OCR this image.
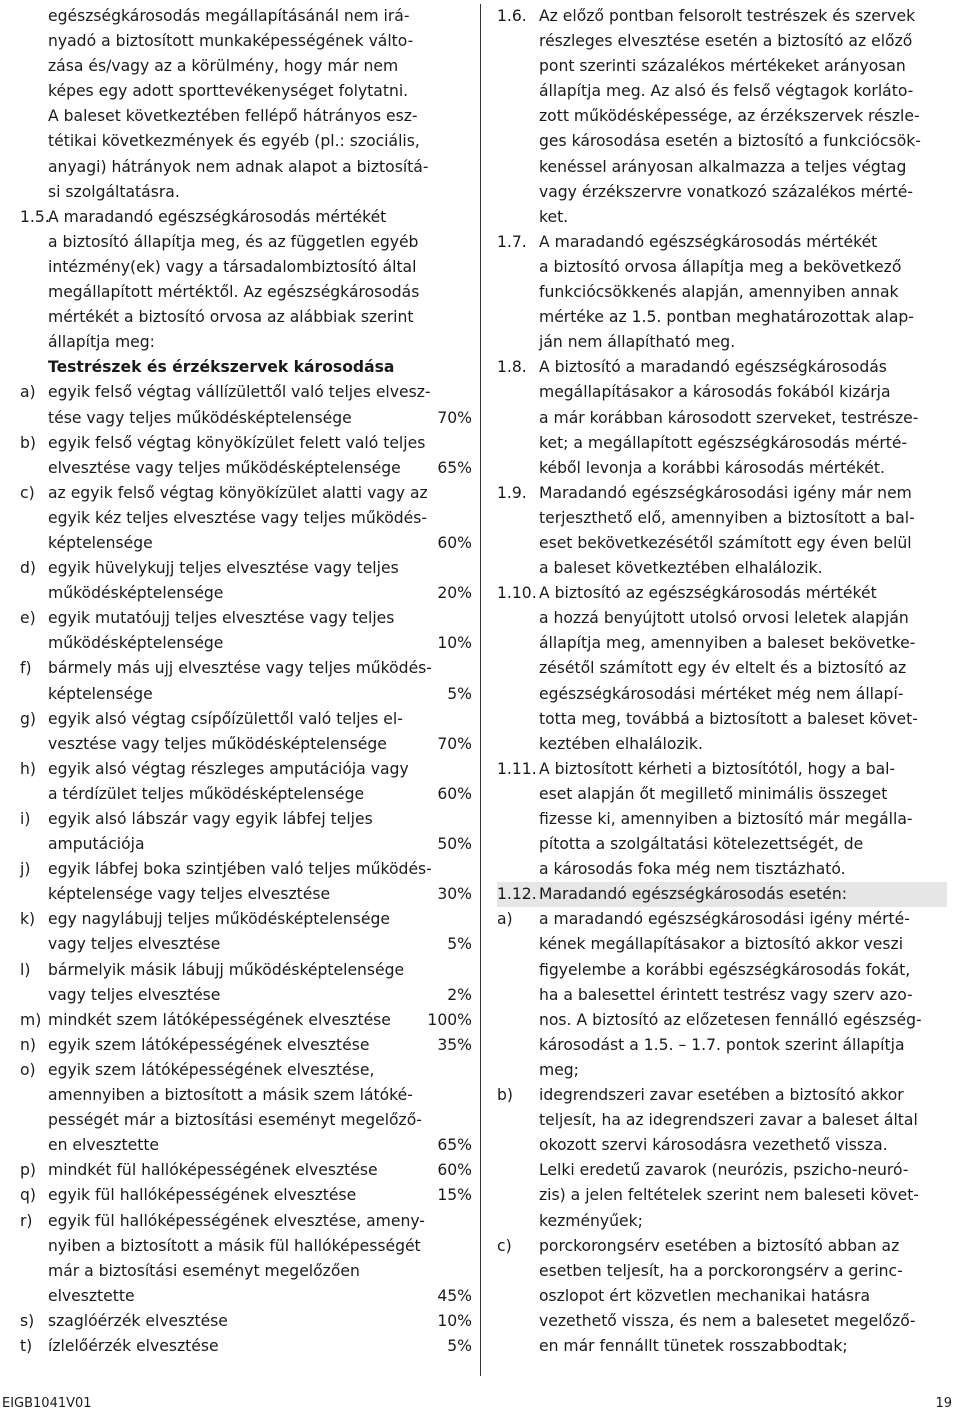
egészségkárosodás megállapításánál nem irá-
nyadó a biztosított munkaképességének válto-
zása és/vagy az a körülmény, hogy már nem
képes egy adott sporttevékenységet folytatni.
A baleset következtében fellépő hátrányos esz-
tétikai következmények és egyéb (pl.: szociális,
anyagi) hátrányok nem adnak alapot a biztosítá-
si szolgáltatásra.
1.5.
A maradandó egészségkárosodás mértékét
a biztosító állapítja meg, és az független egyéb
intézmény(ek) vagy a társadalombiztosító által
megállapított mértéktől. Az egészségkárosodás
mértékét a biztosító orvosa az alábbiak szerint
állapítja meg:
Testrészek és érzékszervek károsodása
a) egyik felső végtag vállízülettől való teljes elvesz-
tése vagy teljes működésképtelensége	70%
b) egyik felső végtag könyökízület felett való teljes
elvesztése vagy teljes működésképtelensége 65%
c) az egyik felső végtag könyökízület alatti vagy az
egyik kéz teljes elvesztése vagy teljes működés-
képtelensége	60%
d) egyik hüvelykujj teljes elvesztése vagy teljes
működésképtelensége	20%
e) egyik mutatóujj teljes elvesztése vagy teljes
működésképtelensége	10%
f)	bármely más ujj elvesztése vagy teljes működés-
képtelensége	5%
g) egyik alsó végtag csípőízülettől való teljes el-
vesztése vagy teljes működésképtelensége	70%
h) egyik alsó végtag részleges amputációja vagy
a térdízület teljes működésképtelensége	60%
i)	egyik alsó lábszár vagy egyik lábfej teljes
amputációja	50%
j)	egyik lábfej boka szintjében való teljes működés-
képtelensége vagy teljes elvesztése	30%
k) egy nagylábujj teljes működésképtelensége
vagy teljes elvesztése	5%
l)	bármelyik másik lábujj működésképtelensége
vagy teljes elvesztése	2%
m) mindkét szem látóképességének elvesztése 100%
n) egyik szem látóképességének elvesztése	35%
o) egyik szem látóképességének elvesztése,
amennyiben a biztosított a másik szem látóké-
pességét már a biztosítási eseményt megelőző-
en elvesztette	65%
p) mindkét fül hallóképességének elvesztése	60%
q) egyik fül hallóképességének elvesztése	15%
r) egyik fül hallóképességének elvesztése, ameny-
nyiben a biztosított a másik fül hallóképességét
már a biztosítási eseményt megelőzően
elvesztette	45%
s) szaglóérzék elvesztése	10%
t)	ízlelőérzék elvesztése	5%
1.6. Az előző pontban felsorolt testrészek és szervek
részleges elvesztése esetén a biztosító az előző
pont szerinti százalékos mértékeket arányosan
állapítja meg. Az alsó és felső végtagok korláto-
zott működésképessége, az érzékszervek részle-
ges károsodása esetén a biztosító a funkciócsök-
kenéssel arányosan alkalmazza a teljes végtag
vagy érzékszervre vonatkozó százalékos mérté-
ket.
1.7. A maradandó egészségkárosodás mértékét
a biztosító orvosa állapítja meg a bekövetkező
funkciócsökkenés alapján, amennyiben annak
mértéke az 1.5. pontban meghatározottak alap-
ján nem állapítható meg.
1.8. A biztosító a maradandó egészségkárosodás
megállapításakor a károsodás fokából kizárja
a már korábban károsodott szerveket, testrésze-
ket; a megállapított egészségkárosodás mérté-
kéből levonja a korábbi károsodás mértékét.
1.9. Maradandó egészségkárosodási igény már nem
terjeszthető elő, amennyiben a biztosított a bal-
eset bekövetkezésétől számított egy éven belül
a baleset következtében elhalálozik.
1.10. A biztosító az egészségkárosodás mértékét
a hozzá benyújtott utolsó orvosi leletek alapján
állapítja meg, amennyiben a baleset bekövetke-
zésétől számított egy év eltelt és a biztosító az
egészségkárosodási mértéket még nem állapí-
totta meg, továbbá a biztosított a baleset követ-
keztében elhalálozik.
1.11. A biztosított kérheti a biztosítótól, hogy a bal-
eset alapján őt megillető minimális összeget
fizesse ki, amennyiben a biztosító már megálla-
pította a szolgáltatási kötelezettségét, de
a károsodás foka még nem tisztázható.
1.12. Maradandó egészségkárosodás esetén:
a)	a maradandó egészségkárosodási igény mérté-
kének megállapításakor a biztosító akkor veszi
figyelembe a korábbi egészségkárosodás fokát,
ha a balesettel érintett testrész vagy szerv azo-
nos. A biztosító az előzetesen fennálló egészség-
károsodást a 1.5. – 1.7. pontok szerint állapítja
meg;
b)	idegrendszeri zavar esetében a biztosító akkor
teljesít, ha az idegrendszeri zavar a baleset által
okozott szervi károsodásra vezethető vissza.
Lelki eredetű zavarok (neurózis, pszicho-neuró-
zis) a jelen feltételek szerint nem baleseti követ-
kezményűek;
c)	porckorongsérv esetében a biztosító abban az
esetben teljesít, ha a porckorongsérv a gerinc-
oszlopot ért közvetlen mechanikai hatásra
vezethető vissza, és nem a balesetet megelőző-
en már fennállt tünetek rosszabbodtak;
EIGB1041V01	19
